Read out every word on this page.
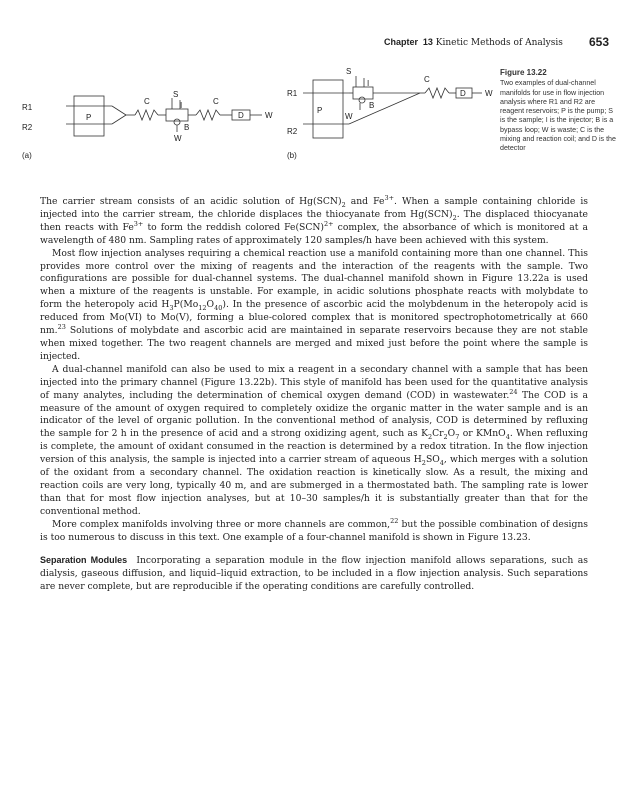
Chapter 13 Kinetic Methods of Analysis 653
R1
R2
P
C
S
I
B
W
C
D	W
(a)
R1
R2
P
S
I
B
W
C
D W
(b)
Figure 13.22
Two examples of dual-channel manifolds for use in flow injection analysis where R1 and R2 are reagent reservoirs; P is the pump; S is the sample; I is the injector; B is a bypass loop; W is waste; C is the mixing and reaction coil; and D is the detector

The carrier stream consists of an acidic solution of $Hg(SCN)_2$ and $Fe^{3+}$. When a sample containing chloride is injected into the carrier stream, the chloride displaces the thiocyanate from $Hg(SCN)_2$. The displaced thiocyanate then reacts with $Fe^{3+}$ to form the reddish colored Fe(SCN)$^{2+}$ complex, the absorbance of which is monitored at a wavelength of 480 nm. Sampling rates of approximately 120 samples/h have been achieved with this system.

Most flow injection analyses requiring a chemical reaction use a manifold containing more than one channel. This provides more control over the mixing of reagents and the interaction of the reagents with the sample. Two configurations are possible for dual-channel systems. The dual-channel manifold shown in Figure 13.22a is used when a mixture of the reagents is unstable. For example, in acidic solutions phosphate reacts with molybdate to form the heteropoly acid $H_3P(Mo_{12}O_{40})$. In the presence of ascorbic acid the molybdenum in the heteropoly acid is reduced from Mo(VI) to Mo(V), forming a blue-colored complex that is monitored spectrophotometrically at 660 nm.$^{23}$ Solutions of molybdate and ascorbic acid are maintained in separate reservoirs because they are not stable when mixed together. The two reagent channels are merged and mixed just before the point where the sample is injected.

A dual-channel manifold can also be used to mix a reagent in a secondary channel with a sample that has been injected into the primary channel (Figure 13.22b). This style of manifold has been used for the quantitative analysis of many analytes, including the determination of chemical oxygen demand (COD) in wastewater.$^{24}$ The COD is a measure of the amount of oxygen required to completely oxidize the organic matter in the water sample and is an indicator of the level of organic pollution. In the conventional method of analysis, COD is determined by refluxing the sample for 2 h in the presence of acid and a strong oxidizing agent, such as $K_2Cr_2O_7$ or KMnO$_4$. When refluxing is complete, the amount of oxidant consumed in the reaction is determined by a redox titration. In the flow injection version of this analysis, the sample is injected into a carrier stream of aqueous $H_2SO_4$, which merges with a solution of the oxidant from a secondary channel. The oxidation reaction is kinetically slow. As a result, the mixing and reaction coils are very long, typically 40 m, and are submerged in a thermostated bath. The sampling rate is lower than that for most flow injection analyses, but at 10–30 samples/h it is substantially greater than that for the conventional method.

More complex manifolds involving three or more channels are common,$^{22}$ but the possible combination of designs is too numerous to discuss in this text. One example of a four-channel manifold is shown in Figure 13.23.

Separation Modules Incorporating a separation module in the flow injection manifold allows separations, such as dialysis, gaseous diffusion, and liquid–liquid extraction, to be included in a flow injection analysis. Such separations are never complete, but are reproducible if the operating conditions are carefully controlled.
